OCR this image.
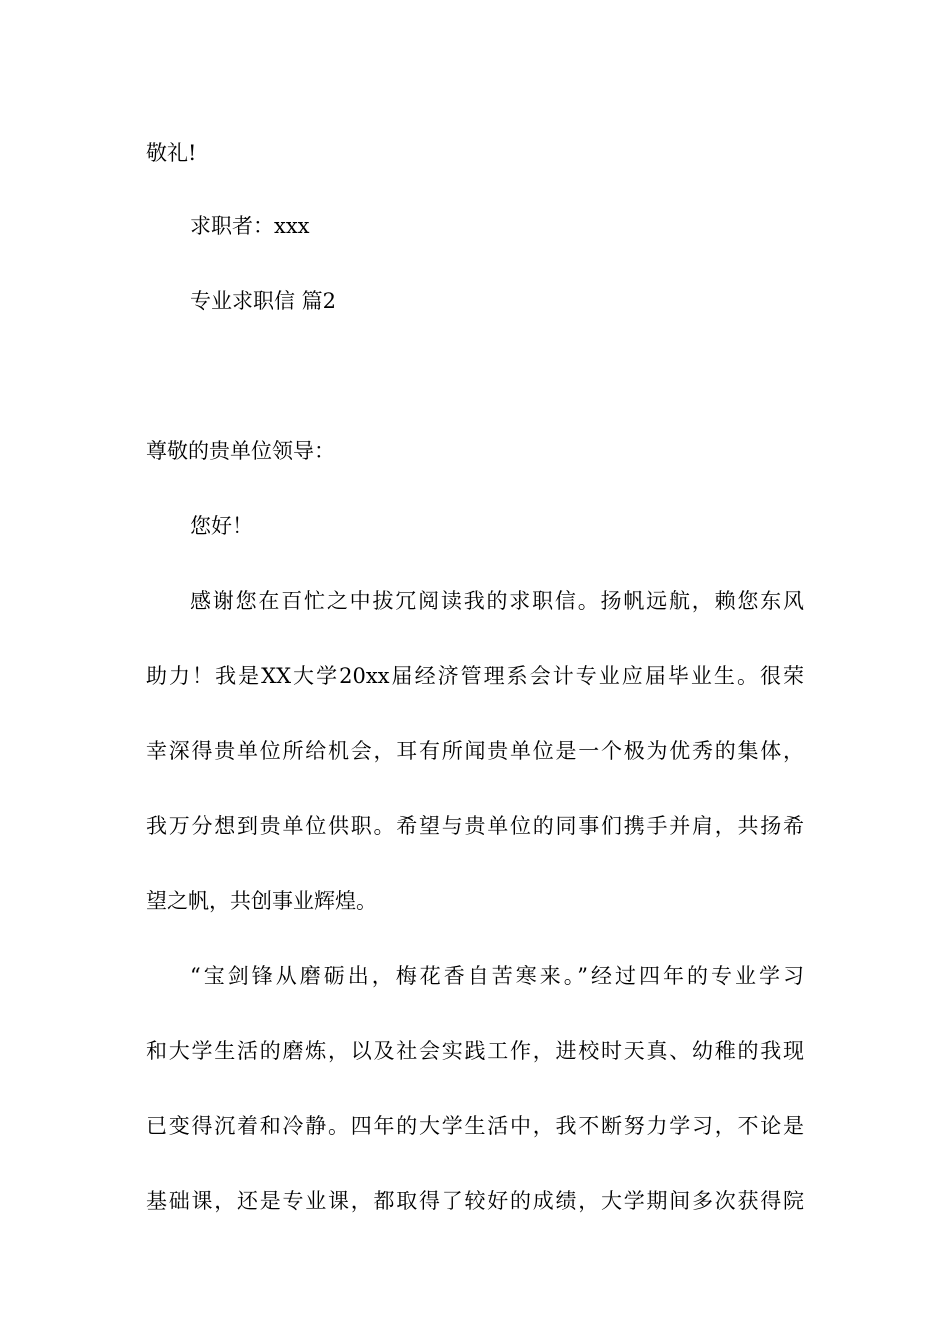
敬礼!
求职者：xxx
专业求职信 篇2
尊敬的贵单位领导：
您好！
感谢您在百忙之中拔冗阅读我的求职信。扬帆远航，赖您东风
助力！我是XX大学20xx届经济管理系会计专业应届毕业生。很荣
幸深得贵单位所给机会，耳有所闻贵单位是一个极为优秀的集体，
我万分想到贵单位供职。希望与贵单位的同事们携手并肩，共扬希
望之帆，共创事业辉煌。
“宝剑锋从磨砺出，梅花香自苦寒来。”经过四年的专业学习
和大学生活的磨炼，以及社会实践工作，进校时天真、幼稚的我现
已变得沉着和冷静。四年的大学生活中，我不断努力学习，不论是
基础课，还是专业课，都取得了较好的成绩，大学期间多次获得院
